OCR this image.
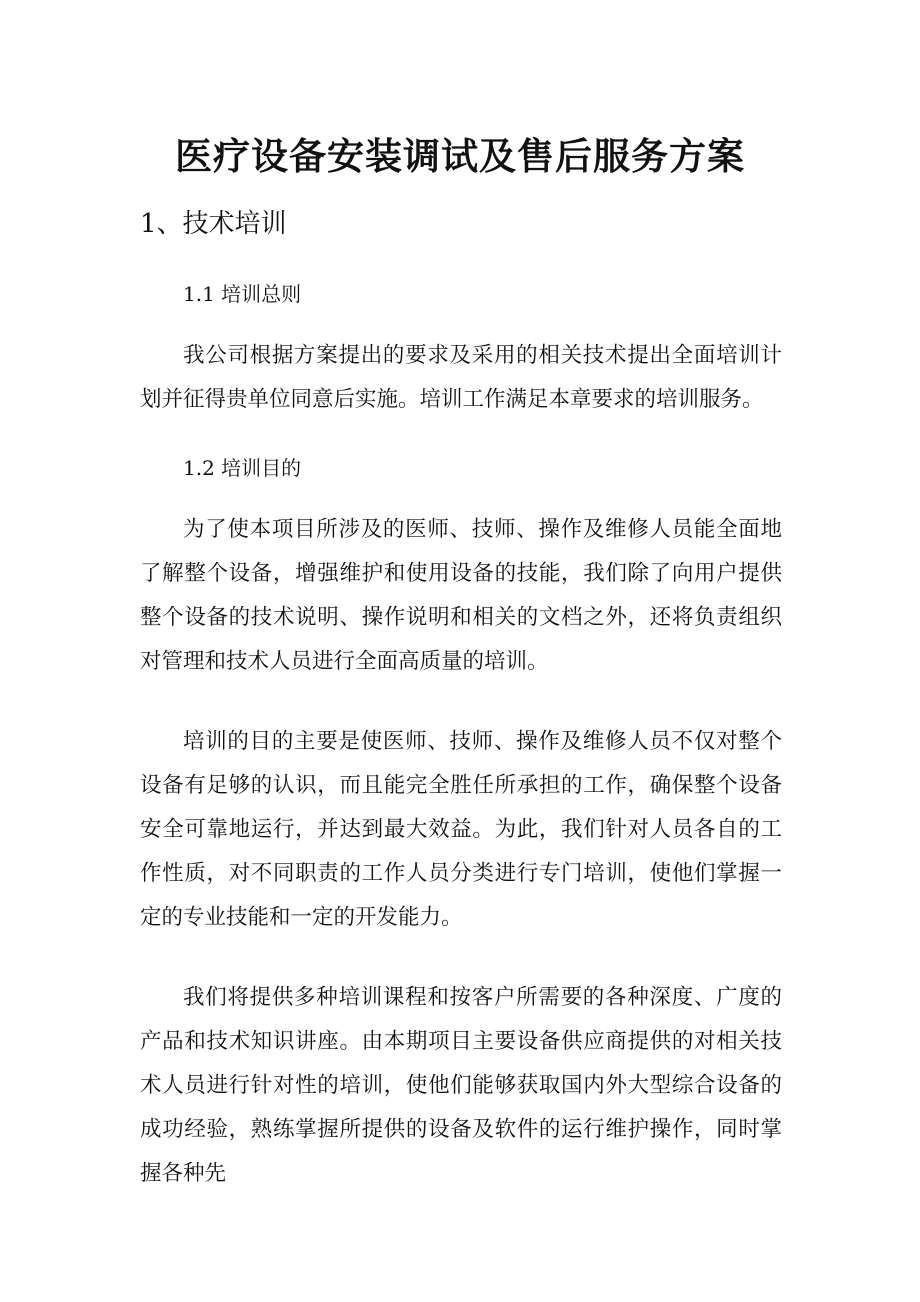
医疗设备安装调试及售后服务方案
1、技术培训
1.1 培训总则

我公司根据方案提出的要求及采用的相关技术提出全面培训计划并征得贵单位同意后实施。培训工作满足本章要求的培训服务。

1.2 培训目的

为了使本项目所涉及的医师、技师、操作及维修人员能全面地了解整个设备，增强维护和使用设备的技能，我们除了向用户提供整个设备的技术说明、操作说明和相关的文档之外，还将负责组织对管理和技术人员进行全面高质量的培训。

培训的目的主要是使医师、技师、操作及维修人员不仅对整个设备有足够的认识，而且能完全胜任所承担的工作，确保整个设备安全可靠地运行，并达到最大效益。为此，我们针对人员各自的工作性质，对不同职责的工作人员分类进行专门培训，使他们掌握一定的专业技能和一定的开发能力。

我们将提供多种培训课程和按客户所需要的各种深度、广度的产品和技术知识讲座。由本期项目主要设备供应商提供的对相关技术人员进行针对性的培训，使他们能够获取国内外大型综合设备的成功经验，熟练掌握所提供的设备及软件的运行维护操作，同时掌握各种先
